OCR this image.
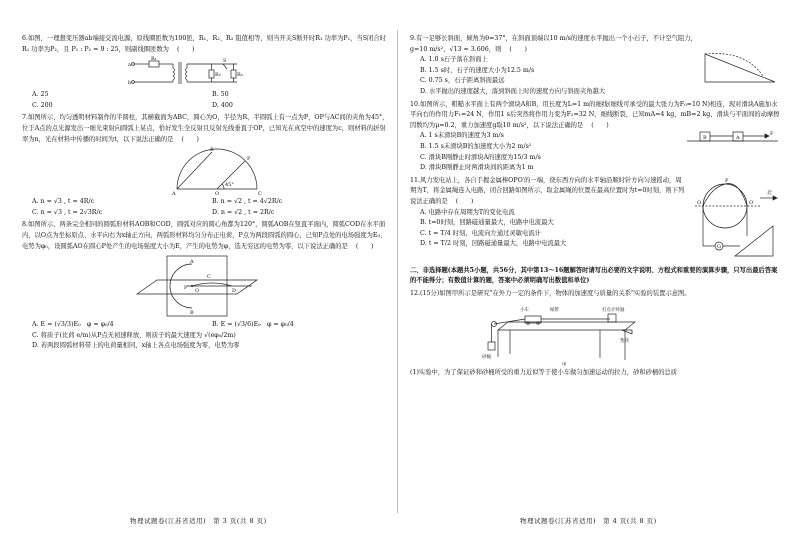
6.如图，一理想变压器ab端接交流电源，原线圈匝数为100匝，R₁、R₂、R₃ 阻值相等，则当开关S断开时R₁ 功率为P₁，当S闭合时R₁ 功率为P₂，且 P₁ : P₂ = 9 : 25，则副线圈匝数为 (　　)
a
b
R₁
R₂	R₃
S
A. 25	B. 50
C. 200	D. 400
7.如图所示，均匀透明材料制作的半圆柱，其横截面为ABC，圆心为O，半径为R，半圆弧上有一点为P，OP与AC间的夹角为45°，位于A点的点光源发出一细光束射向圆弧上某点，恰好发生全反射且反射光线垂直于OP，已知光在真空中的速度为c，则材料的折射率为n，光在材料中传播的时间为t，以下说法正确的是 (　　)
B
P
A	O	C
45°
A. n = √3 , t = 4R/c	B. n = √2 , t = 4√2R/c
C. n = √3 , t = 2√3R/c	D. n = √2 , t = 2R/c
8.如图所示，两条完全相同的圆弧形材料AOB和COD，圆弧对应的圆心角都为120°，圆弧AOB在竖直平面内，圆弧COD在水平面内，以O点为坐标原点、水平向右为x轴正方向，两弧形材料均匀分布正电荷，P点为两段圆弧的圆心，已知P点处的电场强度为E₀、电势为φ₀，设圆弧AO在圆心P处产生的电场强度大小为E，产生的电势为φ，选无穷远的电势为零，以下说法正确的是 (　　)
A
C
P O	D
B
A. E = (√3/3)E₀　φ = φ₀/4	B. E = (√3/6)E₀　φ = φ₀/4
C. 将质子(比荷 e/m)从P点无初速释放，则质子的最大速度为 √(eφ₀/2m)
D. 若两段圆弧材料带上的电荷量相同，x轴上各点电场强度为零，电势为零
9.有一足够长斜面，倾角为θ=37°，在斜面顶端以10 m/s的速度水平抛出一个小石子，不计空气阻力，g=10 m/s²，√13 = 3.606，则 (　　)
A. 1.0 s石子落在斜面上
B. 1.5 s时，石子的速度大小为12.5 m/s
C. 0.75 s，石子距离斜面最远
D. 水平抛出的速度越大，落到斜面上时的速度方向与斜面夹角越大
10.如图所示，粗糙水平面上有两个滑块A和B，用长度为L=1 m的细线(细线可承受的最大张力为F₀=10 N)相连，现对滑块A施加水平向右的作用力F₁=24 N，作用1 s后突然将作用力变为F₂=32 N，细线断裂，已知mA=4 kg，mB=2 kg，滑块与平面间的动摩擦因数均为μ=0.2，重力加速度g取10 m/s²，以下说法正确的是 (　　)
A. 1 s末滑块B的速度为3 m/s
B. 1.5 s末滑块B的加速度大小为2 m/s²
C. 滑块B刚静止时滑块A的速度为15/3 m/s
D. 滑块B刚静止时两滑块间的距离为1 m
B	A
F
11.风力发电站上，各自手握金属棒OPO′的一端，绕东西方向的水平轴沿顺时针方向匀速摇动，周期为T，将金属绳连入电路，闭合回路如图所示，取金属绳的位置在最高位置时为t=0时刻，则下列说法正确的是 (　　)
A. 电路中存在周期为T的变化电流
B. t=0时刻，回路磁通量最大，电路中电流最大
C. t = T/4 时刻，电流向左通过灵敏电流计
D. t = T/2 时刻，回路磁通量最大，电路中电流最大
O
P
O′
北
G
二、非选择题(本题共5小题，共56分，其中第13～16题解答时请写出必要的文字说明、方程式和重要的演算步骤，只写出最后答案的不能得分；有数值计算的题，答案中必须明确写出数值和单位)
12.(15分)如图甲所示是研究"在外力一定的条件下，物体的加速度与质量的关系"实验的装置示意图。
小车	纸带	打点计时器
砂桶
垫块
甲
(1)实验中，为了保证砂和砂桶所受的重力近似等于使小车做匀加速运动的拉力，砂和砂桶的总质
物理试题卷(江苏省适用)　第 3 页(共 8 页)	物理试题卷(江苏省适用)　第 4 页(共 8 页)
